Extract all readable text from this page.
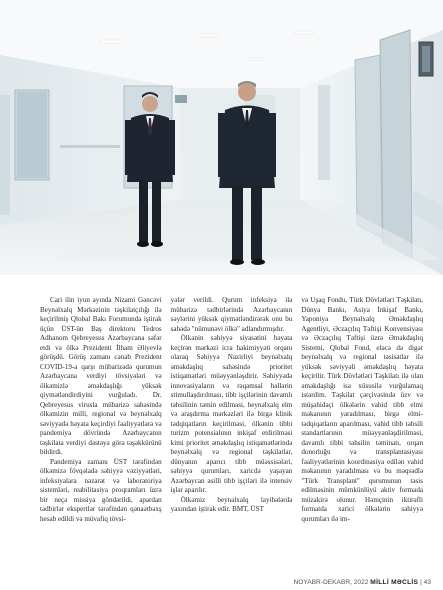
Cari ilin iyun ayında Nizami Gəncəvi Beynəlxalq Mərkəzinin təşkilatçılığı ilə keçirilmiş Qlobal Bakı Forumunda iştirak üçün ÜST-ün Baş direktoru Tedros Adhanom Qebreyesus Azərbaycana səfər etdi və ölkə Prezidenti İlham Əliyevlə görüşdü. Görüş zamanı cənab Prezident COVID-19-a qarşı mübarizədə qurumun Azərbaycana verdiyi tövsiyələri və ölkəmizlə əməkdaşlığı yüksək qiymətləndirdiyini vurğuladı. Dr. Qebreyesus virusla mübarizə sahəsində ölkəmizin milli, regional və beynəlxalq səviyyədə həyata keçirdiyi fəaliyyətlərə və pandemiya dövründə Azərbaycanın təşkilata verdiyi dəstəyə görə təşəkkürünü bildirdi.

Pandemiya zamanı ÜST tərəfindən ölkəmizə fövqəladə səhiyyə vəziyyətləri, infeksiyalara nəzarət və laboratoriya sistemləri, reabilitasiya proqramları üzrə bir neçə missiya göndərildi, apardan tədbirlər ekspertlər tərəfindən qənaətbəxş hesab edildi və müvafiq tövsi-

yələr verildi. Qurum infeksiya ilə mübarizə tədbirlərində Azərbaycanın səylərini yüksək qiymətləndirərək onu bu sahədə "nümunəvi ölkə" adlandırmışdır.

Ölkənin səhiyyə siyasətini həyata keçirən mərkəzi icra hakimiyyəti orqanı olaraq Səhiyyə Nazirliyi beynəlxalq əməkdaşlıq sahəsində prioritet istiqamətləri müəyyənləşdirir. Səhiyyədə innovasiyaların və rəqəmsal həllərin stimullaşdırılması, tibb işçilərinin davamlı təhsilinin təmin edilməsi, beynəlxalq elm və araşdırma mərkəzləri ilə birgə klinik tədqiqatların keçirilməsi, ölkənin tibbi turizm potensialının inkişaf etdirilməsi kimi prioritet əməkdaşlıq istiqamətlərində beynəlxalq və regional təşkilatlar, dünyanın aparıcı tibb müəssisələri, səhiyyə qurumları, xaricdə yaşayan Azərbaycan əsilli tibb işçiləri ilə intensiv işlər aparılır.

Ölkəmiz beynəlxalq layihələrdə yaxından iştirak edir. BMT, ÜST

və Uşaq Fondu, Türk Dövlətləri Təşkilatı, Dünya Bankı, Asiya İnkişaf Bankı, Yaponiya Beynəlxalq Əməkdaşlıq Agentliyi, Əczaçılıq Təftişi Konvensiyası və Əczaçılıq Təftişi üzrə Əməkdaşlıq Sistemi, Qlobal Fond, eləcə də digər beynəlxalq və regional təsisatlar ilə yüksək səviyyəli əməkdaşlıq həyata keçirilir. Türk Dövlətləri Təşkilatı ilə olan əməkdaşlığı isə xüsusilə vurğulamaq istərdim. Təşkilat çərçivəsində üzv və müşahidəçi ölkələrin vahid tibb elmi məkanının yaradılması, birgə elmi-tədqiqatların aparılması, vahid tibb təhsili standartlarının müəyyənləşdirilməsi, davamlı tibbi təhsilin təminatı, orqan donorluğu və transplantasiyası fəaliyyətlərinin koordinasiya edilən vahid məkanının yaradılması və bu məqsədlə "Türk Transplant" qurumunun təsis edilməsinin mümkünlüyü aktiv formada müzakirə olunur. Həmçinin iktirəfli formatda xarici ölkələrin səhiyyə qurumları ilə im-

NOYABR-DEKABR, 2022 MİLLİ MƏCLİS | 43
